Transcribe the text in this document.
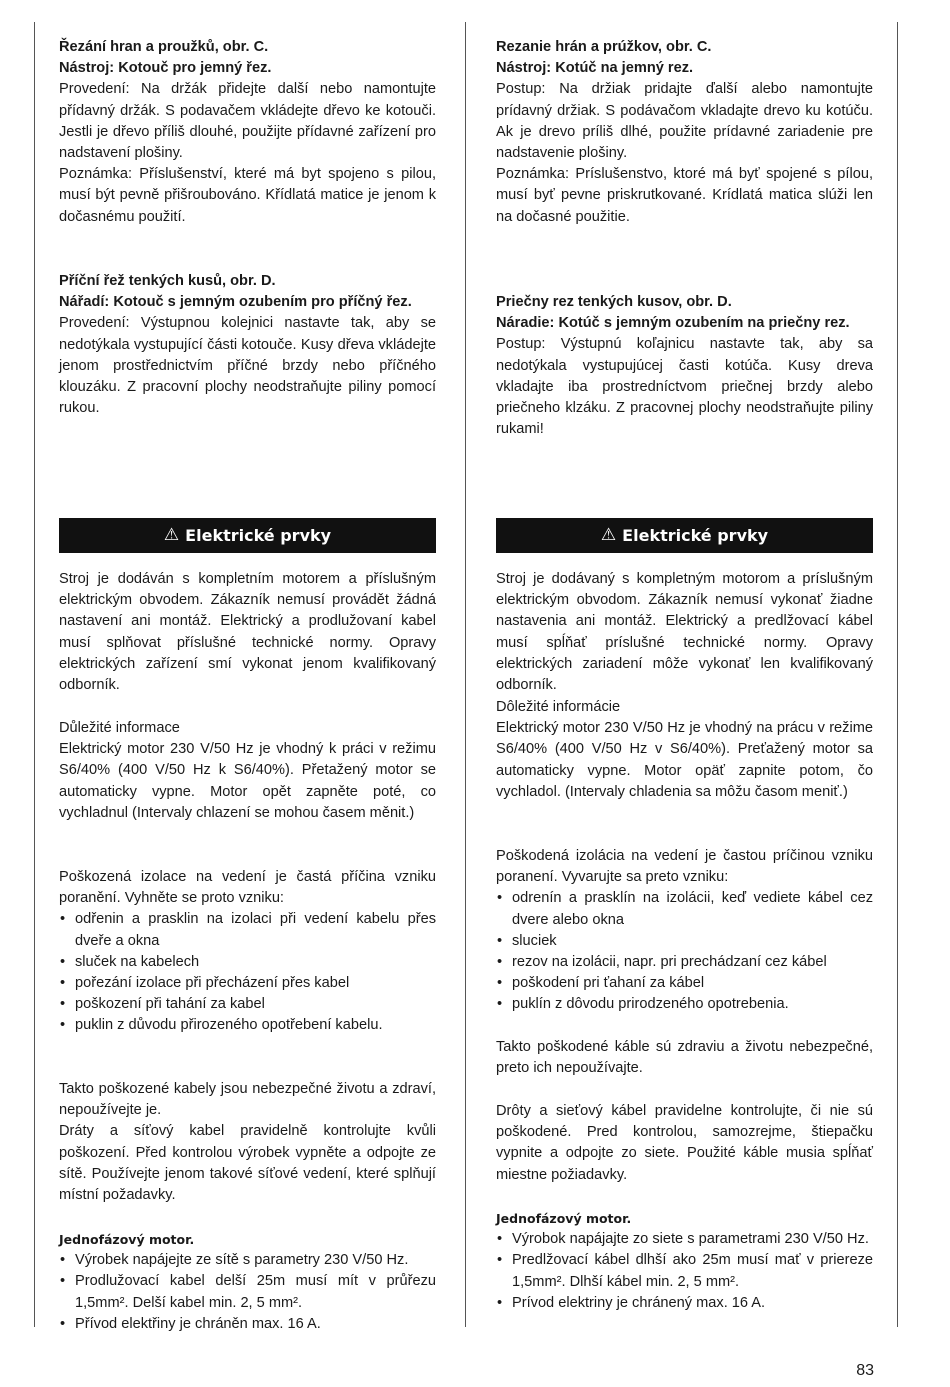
Řezání hran a proužků, obr. C.

Nástroj: Kotouč pro jemný řez.

Provedení: Na držák přidejte další nebo namontujte přídavný držák. S podavačem vkládejte dřevo ke kotouči. Jestli je dřevo příliš dlouhé, použijte přídavné zařízení pro nadstavení plošiny.

Poznámka: Příslušenství, které má byt spojeno s pilou, musí být pevně přišroubováno. Křídlatá matice je jenom k dočasnému použití.

Příční řež tenkých kusů, obr. D.

Nářadí: Kotouč s jemným ozubením pro příčný řez.

Provedení: Výstupnou kolejnici nastavte tak, aby se nedotýkala vystupující části kotouče. Kusy dřeva vkládejte jenom prostřednictvím příčné brzdy nebo příčného klouzáku. Z pracovní plochy neodstraňujte piliny pomocí rukou.

⚠ Elektrické prvky

Stroj je dodáván s kompletním motorem a příslušným elektrickým obvodem. Zákazník nemusí provádět žádná nastavení ani montáž. Elektrický a prodlužovaní kabel musí splňovat příslušné technické normy. Opravy elektrických zařízení smí vykonat jenom kvalifikovaný odborník.

Důležité informace

Elektrický motor 230 V/50 Hz je vhodný k práci v režimu S6/40% (400 V/50 Hz k S6/40%). Přetažený motor se automaticky vypne. Motor opět zapněte poté, co vychladnul (Intervaly chlazení se mohou časem měnit.)

Poškozená izolace na vedení je častá příčina vzniku poranění. Vyhněte se proto vzniku:

• odřenin a prasklin na izolaci při vedení kabelu přes dveře a okna
• sluček na kabelech
• pořezání izolace při přecházení přes kabel
• poškození při tahání za kabel
• puklin z důvodu přirozeného opotřebení kabelu.

Takto poškozené kabely jsou nebezpečné životu a zdraví, nepoužívejte je.

Dráty a síťový kabel pravidelně kontrolujte kvůli poškození. Před kontrolou výrobek vypněte a odpojte ze sítě. Používejte jenom takové síťové vedení, které splňují místní požadavky.

Jednofázový motor.

• Výrobek napájejte ze sítě s parametry 230 V/50 Hz.
• Prodlužovací kabel delší 25m musí mít v průřezu 1,5mm². Delší kabel min. 2, 5 mm².
• Přívod elektřiny je chráněn max. 16 A.

Rezanie hrán a prúžkov, obr. C.

Nástroj: Kotúč na jemný rez.

Postup: Na držiak pridajte ďalší alebo namontujte prídavný držiak. S podávačom vkladajte drevo ku kotúču. Ak je drevo príliš dlhé, použite prídavné zariadenie pre nadstavenie plošiny.

Poznámka: Príslušenstvo, ktoré má byť spojené s pílou, musí byť pevne priskrutkované. Krídlatá matica slúži len na dočasné použitie.

Priečny rez tenkých kusov, obr. D.

Náradie: Kotúč s jemným ozubením na priečny rez.

Postup: Výstupnú koľajnicu nastavte tak, aby sa nedotýkala vystupujúcej časti kotúča. Kusy dreva vkladajte iba prostredníctvom priečnej brzdy alebo priečneho klzáku. Z pracovnej plochy neodstraňujte piliny rukami!

⚠ Elektrické prvky

Stroj je dodávaný s kompletným motorom a príslušným elektrickým obvodom. Zákazník nemusí vykonať žiadne nastavenia ani montáž. Elektrický a predlžovací kábel musí spĺňať príslušné technické normy. Opravy elektrických zariadení môže vykonať len kvalifikovaný odborník.

Dôležité informácie

Elektrický motor 230 V/50 Hz je vhodný na prácu v režime S6/40% (400 V/50 Hz v S6/40%). Preťažený motor sa automaticky vypne. Motor opäť zapnite potom, čo vychladol. (Intervaly chladenia sa môžu časom meniť.)

Poškodená izolácia na vedení je častou príčinou vzniku poranení. Vyvarujte sa preto vzniku:

• odrenín a prasklín na izolácii, keď vediete kábel cez dvere alebo okna
• sluciek
• rezov na izolácii, napr. pri prechádzaní cez kábel
• poškodení pri ťahaní za kábel
• puklín z dôvodu prirodzeného opotrebenia.

Takto poškodené káble sú zdraviu a životu nebezpečné, preto ich nepoužívajte.

Drôty a sieťový kábel pravidelne kontrolujte, či nie sú poškodené. Pred kontrolou, samozrejme, štiepačku vypnite a odpojte zo siete. Použité káble musia spĺňať miestne požiadavky.

Jednofázový motor.

• Výrobok napájajte zo siete s parametrami 230 V/50 Hz.
• Predlžovací kábel dlhší ako 25m musí mať v priereze 1,5mm². Dlhší kábel min. 2, 5 mm².
• Prívod elektriny je chránený max. 16 A.
83
